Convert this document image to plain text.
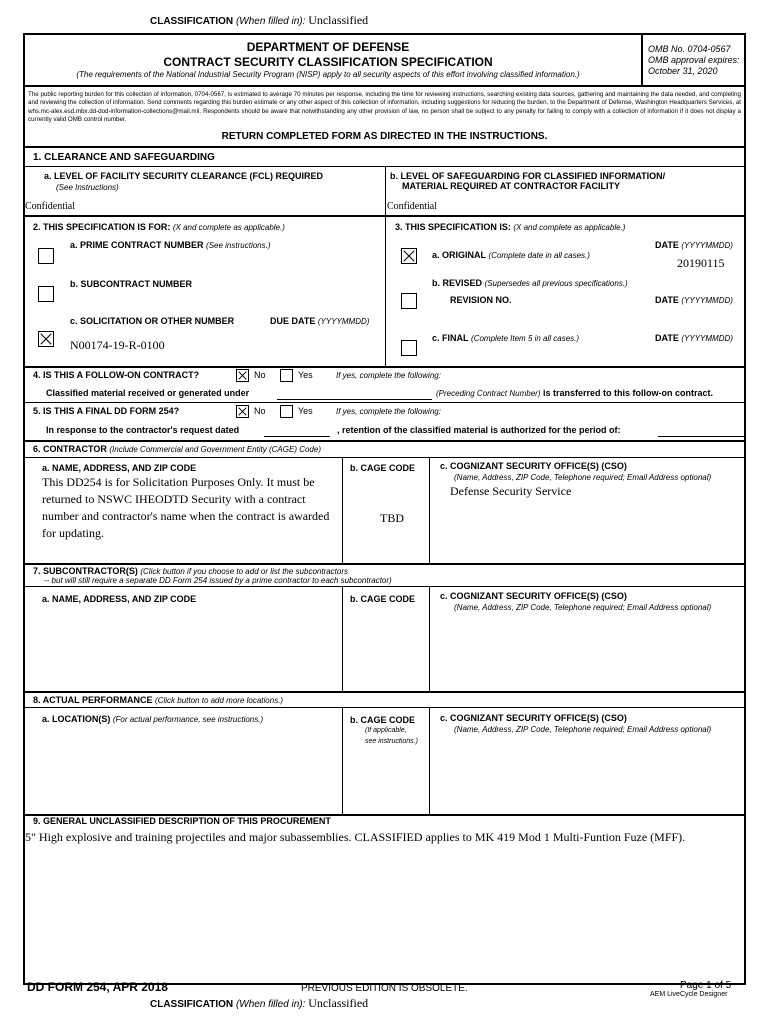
CLASSIFICATION (When filled in): Unclassified
DEPARTMENT OF DEFENSE
CONTRACT SECURITY CLASSIFICATION SPECIFICATION
(The requirements of the National Industrial Security Program (NISP) apply to all security aspects of this effort involving classified information.)
OMB No. 0704-0567
OMB approval expires:
October 31, 2020
The public reporting burden for this collection of information, 0704-0567, is estimated to average 70 minutes per response, including the time for reviewing instructions, searching existing data sources, gathering and maintaining the data needed, and completing and reviewing the collection of information. Send comments regarding this burden estimate or any other aspect of this collection of information, including suggestions for reducing the burden, to the Department of Defense, Washington Headquarters Services, at whs.mc-alex.esd.mbx.dd-dod-information-collections@mail.mil. Respondents should be aware that notwithstanding any other provision of law, no person shall be subject to any penalty for failing to comply with a collection of information if it does not display a currently valid OMB control number.
RETURN COMPLETED FORM AS DIRECTED IN THE INSTRUCTIONS.
1. CLEARANCE AND SAFEGUARDING
a. LEVEL OF FACILITY SECURITY CLEARANCE (FCL) REQUIRED
(See Instructions)
Confidential
b. LEVEL OF SAFEGUARDING FOR CLASSIFIED INFORMATION/
MATERIAL REQUIRED AT CONTRACTOR FACILITY
Confidential
2. THIS SPECIFICATION IS FOR: (X and complete as applicable.)
a. PRIME CONTRACT NUMBER (See instructions.)
b. SUBCONTRACT NUMBER
c. SOLICITATION OR OTHER NUMBER	DUE DATE (YYYYMMDD)
N00174-19-R-0100
3. THIS SPECIFICATION IS: (X and complete as applicable.)
DATE (YYYYMMDD)
a. ORIGINAL (Complete date in all cases.)
20190115
b. REVISED (Supersedes all previous specifications.)
REVISION NO.	DATE (YYYYMMDD)
c. FINAL (Complete Item 5 in all cases.)	DATE (YYYYMMDD)
4. IS THIS A FOLLOW-ON CONTRACT?	No	Yes	If yes, complete the following:
Classified material received or generated under	(Preceding Contract Number) is transferred to this follow-on contract.
5. IS THIS A FINAL DD FORM 254?	No	Yes	If yes, complete the following:
In response to the contractor's request dated	, retention of the classified material is authorized for the period of:
6. CONTRACTOR (Include Commercial and Government Entity (CAGE) Code)
a. NAME, ADDRESS, AND ZIP CODE
This DD254 is for Solicitation Purposes Only. It must be returned to NSWC IHEODTD Security with a contract number and contractor's name when the contract is awarded for updating.
b. CAGE CODE
TBD
c. COGNIZANT SECURITY OFFICE(S) (CSO)
(Name, Address, ZIP Code, Telephone required; Email Address optional)
Defense Security Service
7. SUBCONTRACTOR(S) (Click button if you choose to add or list the subcontractors
-- but will still require a separate DD Form 254 issued by a prime contractor to each subcontractor)
a. NAME, ADDRESS, AND ZIP CODE	b. CAGE CODE	c. COGNIZANT SECURITY OFFICE(S) (CSO)
(Name, Address, ZIP Code, Telephone required; Email Address optional)
8. ACTUAL PERFORMANCE (Click button to add more locations.)
a. LOCATION(S) (For actual performance, see instructions.)	b. CAGE CODE
(If applicable,
see instructions.)
c. COGNIZANT SECURITY OFFICE(S) (CSO)
(Name, Address, ZIP Code, Telephone required; Email Address optional)
9. GENERAL UNCLASSIFIED DESCRIPTION OF THIS PROCUREMENT
5" High explosive and training projectiles and major subassemblies. CLASSIFIED applies to MK 419 Mod 1 Multi-Funtion Fuze (MFF).
DD FORM 254, APR 2018	PREVIOUS EDITION IS OBSOLETE.	Page 1 of 5
AEM LiveCycle Designer
CLASSIFICATION (When filled in): Unclassified
